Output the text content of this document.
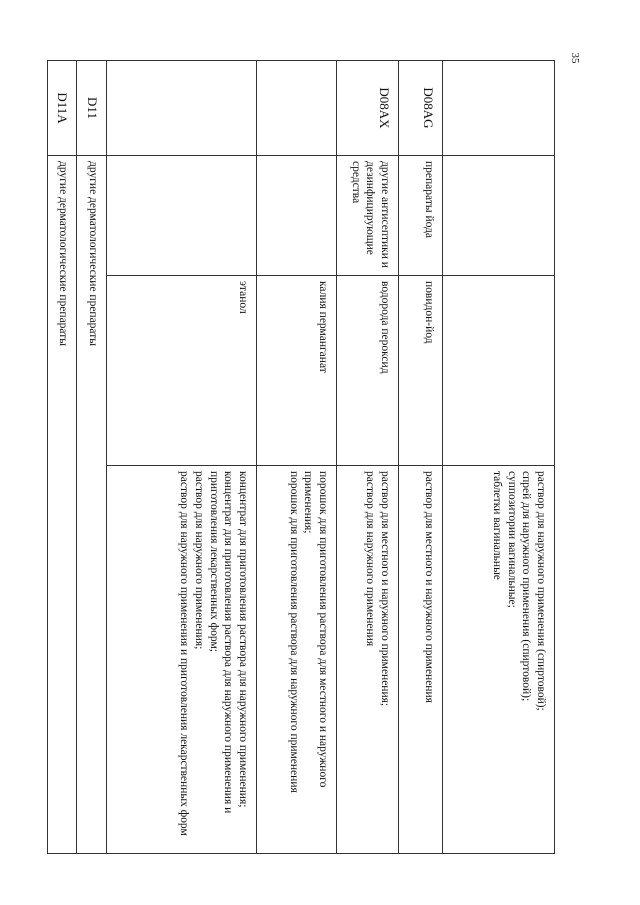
35

			раствор для наружного применения (спиртовой);
спрей для наружного применения (спиртовой);
суппозитории вагинальные;
таблетки вагинальные

D08AG	препараты йода	повидон-йод	раствор для местного и наружного применения

D08AX	другие антисептики и дезинфицирующие средства	водорода пероксид	раствор для местного и наружного применения;
раствор для наружного применения

		калия перманганат	порошок для приготовления раствора для местного и наружного применения;
порошок для приготовления раствора для наружного применения

		этанол	концентрат для приготовления раствора для наружного применения;
концентрат для приготовления раствора для наружного применения и приготовления лекарственных форм;
раствор для наружного применения;
раствор для наружного применения и приготовления лекарственных форм

D11	другие дерматологические препараты		
D11A	другие дерматологические препараты		
